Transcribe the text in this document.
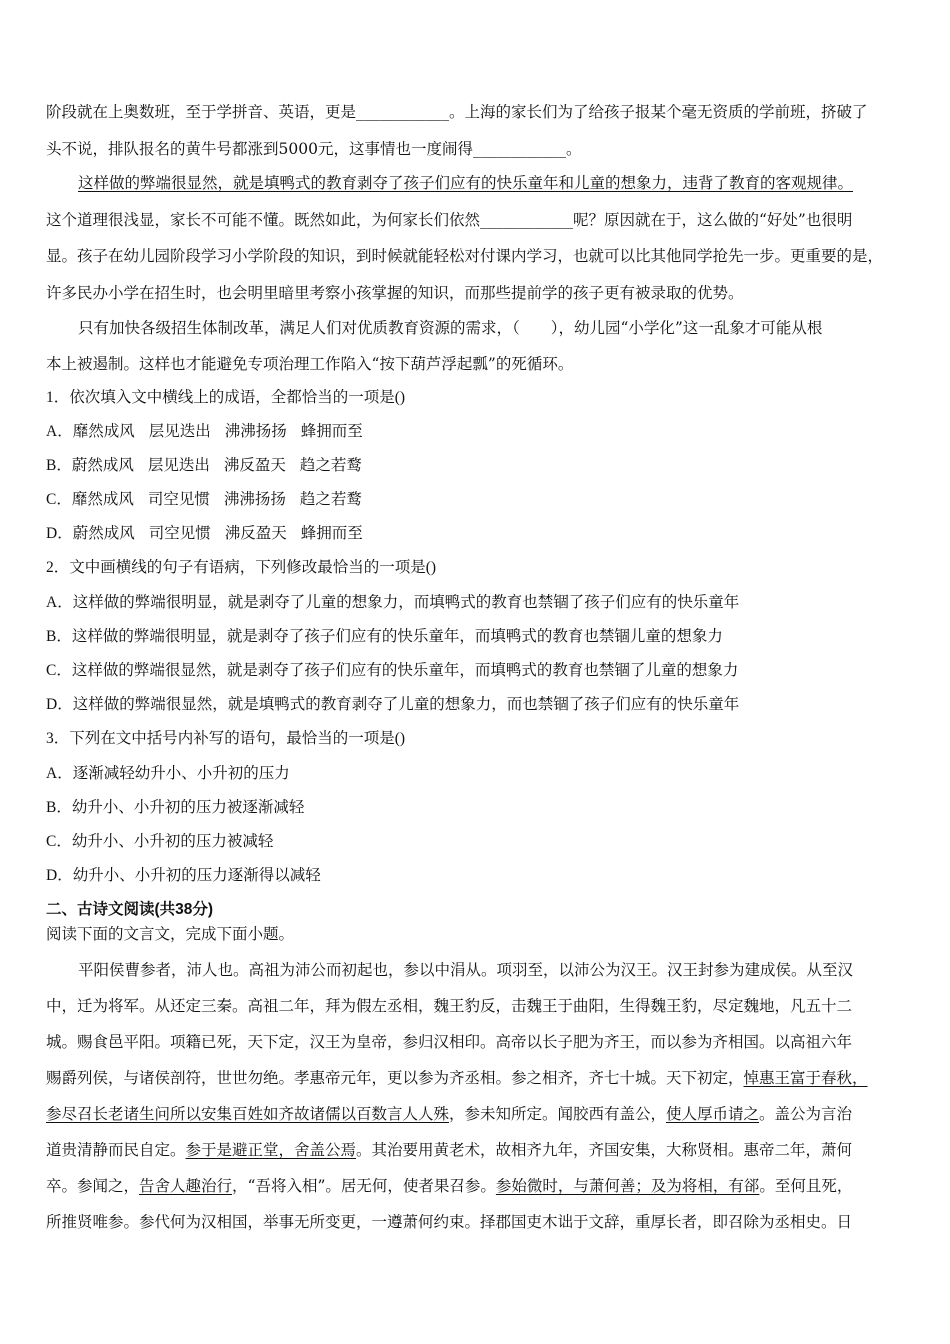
阶段就在上奥数班，至于学拼音、英语，更是____________。上海的家长们为了给孩子报某个毫无资质的学前班，挤破了
头不说，排队报名的黄牛号都涨到5000元，这事情也一度闹得____________。
这样做的弊端很显然，就是填鸭式的教育剥夺了孩子们应有的快乐童年和儿童的想象力，违背了教育的客观规律。
这个道理很浅显，家长不可能不懂。既然如此，为何家长们依然____________呢？原因就在于，这么做的“好处”也很明
显。孩子在幼儿园阶段学习小学阶段的知识，到时候就能轻松对付课内学习，也就可以比其他同学抢先一步。更重要的是，
许多民办小学在招生时，也会明里暗里考察小孩掌握的知识，而那些提前学的孩子更有被录取的优势。
只有加快各级招生体制改革，满足人们对优质教育资源的需求，（　　），幼儿园“小学化”这一乱象才可能从根
本上被遏制。这样也才能避免专项治理工作陷入“按下葫芦浮起瓢”的死循环。
1．依次填入文中横线上的成语，全都恰当的一项是()
A．靡然成风 层见迭出 沸沸扬扬 蜂拥而至
B．蔚然成风 层见迭出 沸反盈天 趋之若鹜
C．靡然成风 司空见惯 沸沸扬扬 趋之若鹜
D．蔚然成风 司空见惯 沸反盈天 蜂拥而至
2．文中画横线的句子有语病，下列修改最恰当的一项是()
A．这样做的弊端很明显，就是剥夺了儿童的想象力，而填鸭式的教育也禁锢了孩子们应有的快乐童年
B．这样做的弊端很明显，就是剥夺了孩子们应有的快乐童年，而填鸭式的教育也禁锢儿童的想象力
C．这样做的弊端很显然，就是剥夺了孩子们应有的快乐童年，而填鸭式的教育也禁锢了儿童的想象力
D．这样做的弊端很显然，就是填鸭式的教育剥夺了儿童的想象力，而也禁锢了孩子们应有的快乐童年
3．下列在文中括号内补写的语句，最恰当的一项是()
A．逐渐减轻幼升小、小升初的压力
B．幼升小、小升初的压力被逐渐减轻
C．幼升小、小升初的压力被减轻
D．幼升小、小升初的压力逐渐得以减轻
二、古诗文阅读(共38分)
阅读下面的文言文，完成下面小题。
平阳侯曹参者，沛人也。高祖为沛公而初起也，参以中涓从。项羽至，以沛公为汉王。汉王封参为建成侯。从至汉
中，迁为将军。从还定三秦。高祖二年，拜为假左丞相，魏王豹反，击魏王于曲阳，生得魏王豹，尽定魏地，凡五十二
城。赐食邑平阳。项籍已死，天下定，汉王为皇帝，参归汉相印。高帝以长子肥为齐王，而以参为齐相国。以高祖六年
赐爵列侯，与诸侯剖符，世世勿绝。孝惠帝元年，更以参为齐丞相。参之相齐，齐七十城。天下初定，悼惠王富于春秋，
参尽召长老诸生问所以安集百姓如齐故诸儒以百数言人人殊，参未知所定。闻胶西有盖公，使人厚币请之。盖公为言治
道贵清静而民自定。参于是避正堂，舍盖公焉。其治要用黄老术，故相齐九年，齐国安集，大称贤相。惠帝二年，萧何
卒。参闻之，告舍人趣治行，“吾将入相”。居无何，使者果召参。参始微时，与萧何善；及为将相，有郤。至何且死，
所推贤唯参。参代何为汉相国，举事无所变更，一遵萧何约束。择郡国吏木诎于文辞，重厚长者，即召除为丞相史。日
